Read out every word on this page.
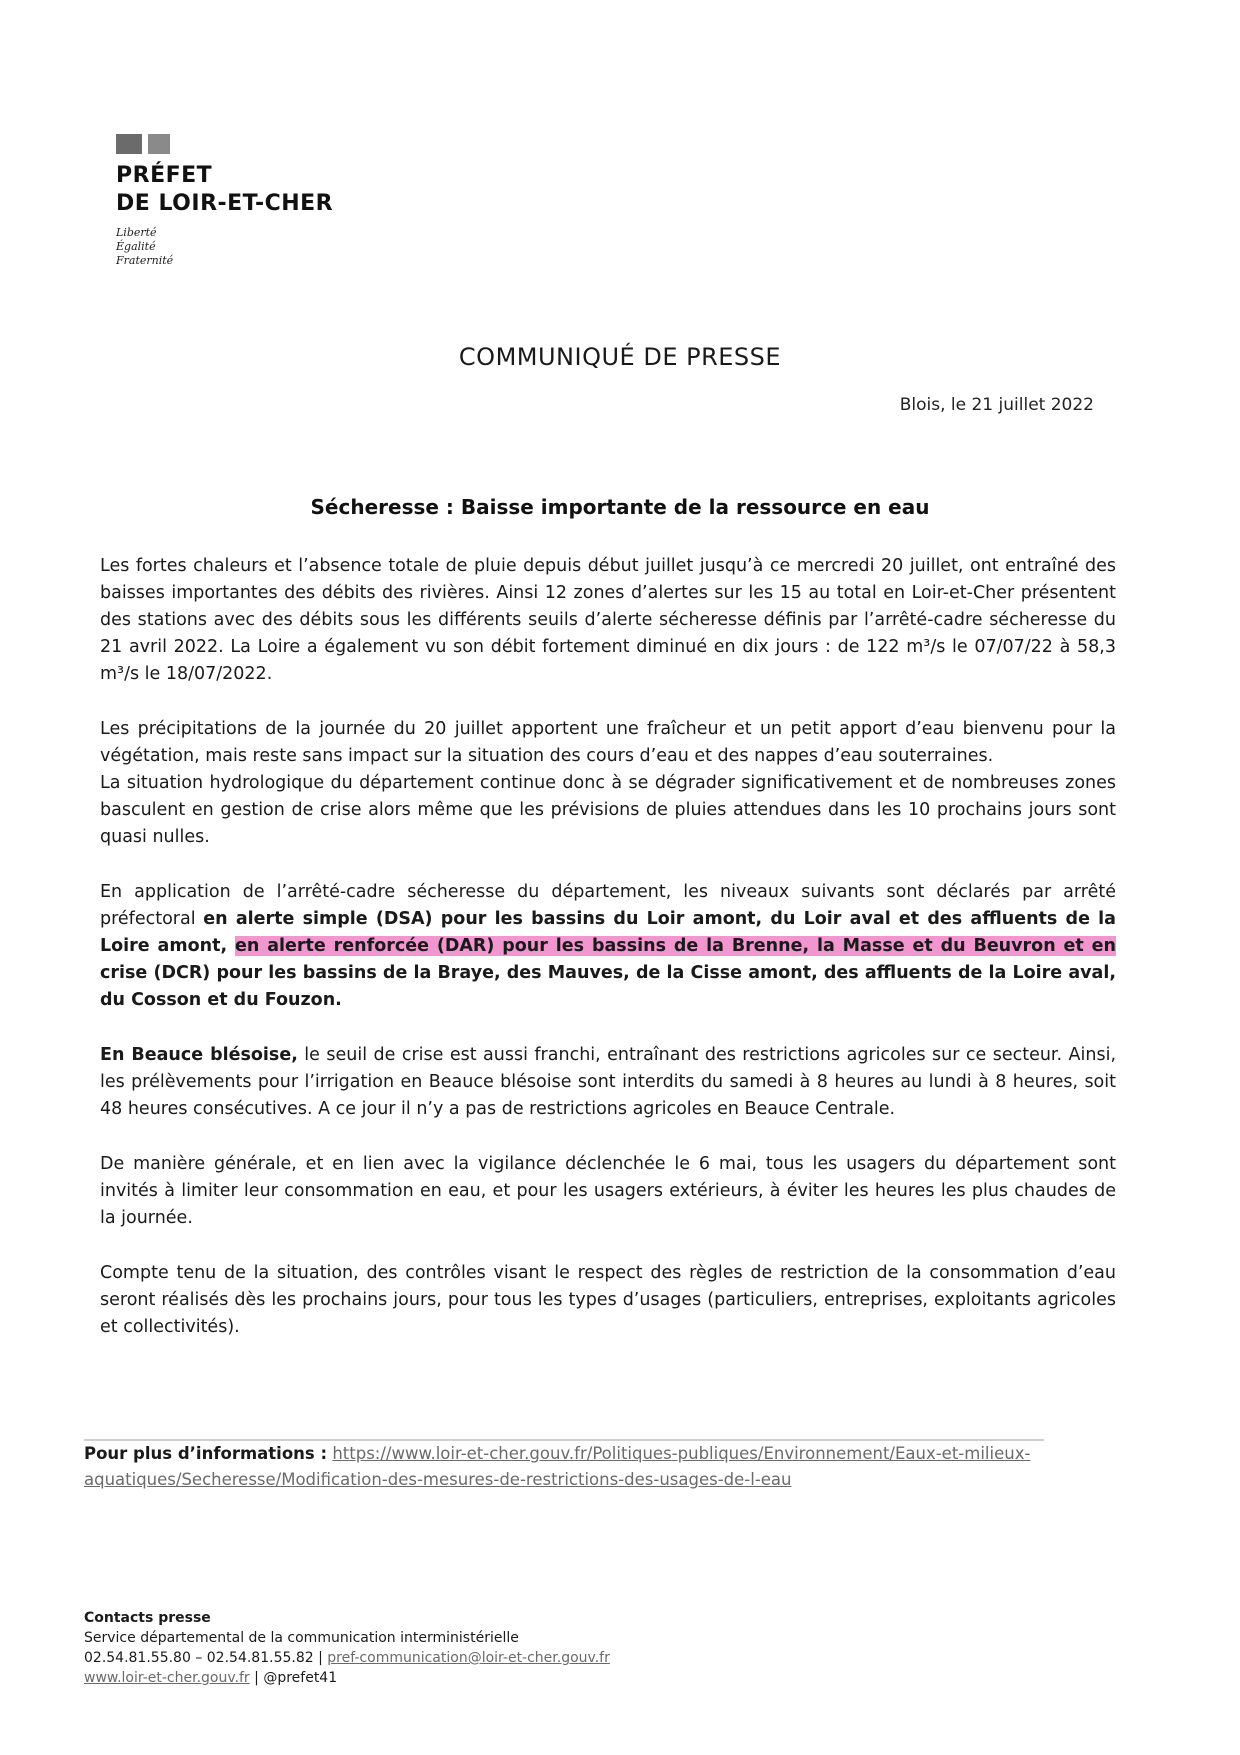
PRÉFET
DE LOIR-ET-CHER
Liberté
Égalité
Fraternité
COMMUNIQUÉ DE PRESSE
Blois, le 21 juillet 2022
Sécheresse : Baisse importante de la ressource en eau

Les fortes chaleurs et l’absence totale de pluie depuis début juillet jusqu’à ce mercredi 20 juillet, ont entraîné des baisses importantes des débits des rivières. Ainsi 12 zones d’alertes sur les 15 au total en Loir-et-Cher présentent des stations avec des débits sous les différents seuils d’alerte sécheresse définis par l’arrêté-cadre sécheresse du 21 avril 2022. La Loire a également vu son débit fortement diminué en dix jours : de 122 m³/s le 07/07/22 à 58,3 m³/s le 18/07/2022.

Les précipitations de la journée du 20 juillet apportent une fraîcheur et un petit apport d’eau bienvenu pour la végétation, mais reste sans impact sur la situation des cours d’eau et des nappes d’eau souterraines.

La situation hydrologique du département continue donc à se dégrader significativement et de nombreuses zones basculent en gestion de crise alors même que les prévisions de pluies attendues dans les 10 prochains jours sont quasi nulles.

En application de l’arrêté-cadre sécheresse du département, les niveaux suivants sont déclarés par arrêté préfectoral en alerte simple (DSA) pour les bassins du Loir amont, du Loir aval et des affluents de la Loire amont, en alerte renforcée (DAR) pour les bassins de la Brenne, la Masse et du Beuvron et en crise (DCR) pour les bassins de la Braye, des Mauves, de la Cisse amont, des affluents de la Loire aval, du Cosson et du Fouzon.

En Beauce blésoise, le seuil de crise est aussi franchi, entraînant des restrictions agricoles sur ce secteur. Ainsi, les prélèvements pour l’irrigation en Beauce blésoise sont interdits du samedi à 8 heures au lundi à 8 heures, soit 48 heures consécutives. A ce jour il n’y a pas de restrictions agricoles en Beauce Centrale.

De manière générale, et en lien avec la vigilance déclenchée le 6 mai, tous les usagers du département sont invités à limiter leur consommation en eau, et pour les usagers extérieurs, à éviter les heures les plus chaudes de la journée.

Compte tenu de la situation, des contrôles visant le respect des règles de restriction de la consommation d’eau seront réalisés dès les prochains jours, pour tous les types d’usages (particuliers, entreprises, exploitants agricoles et collectivités).

Pour plus d’informations : https://www.loir-et-cher.gouv.fr/Politiques-publiques/Environnement/Eaux-et-milieux-aquatiques/Secheresse/Modification-des-mesures-de-restrictions-des-usages-de-l-eau
Contacts presse
Service départemental de la communication interministérielle
02.54.81.55.80 – 02.54.81.55.82 | pref-communication@loir-et-cher.gouv.fr
www.loir-et-cher.gouv.fr | @prefet41
